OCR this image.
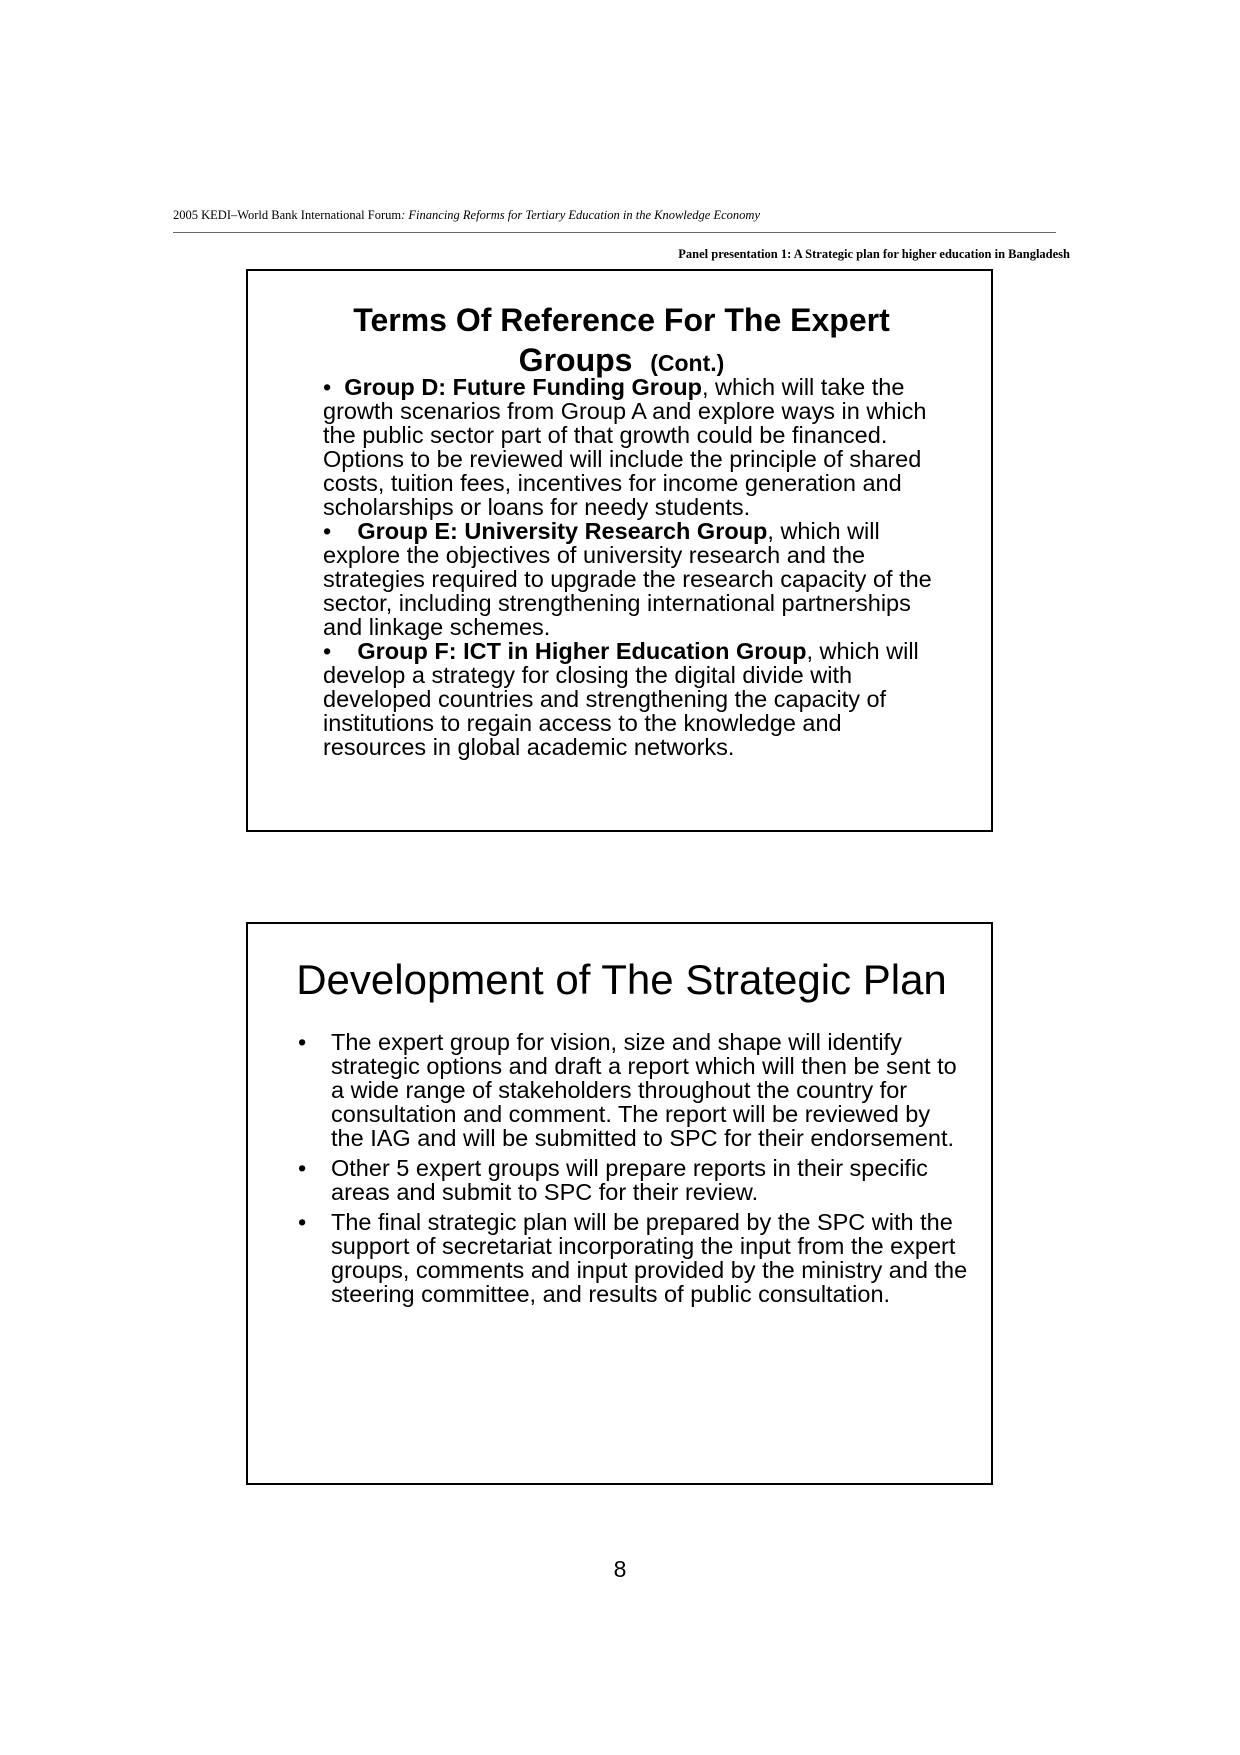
2005 KEDI–World Bank International Forum: Financing Reforms for Tertiary Education in the Knowledge Economy
Panel presentation 1: A Strategic plan for higher education in Bangladesh
Terms Of Reference For The Expert
Groups (Cont.)

• Group D: Future Funding Group, which will take the growth scenarios from Group A and explore ways in which the public sector part of that growth could be financed. Options to be reviewed will include the principle of shared costs, tuition fees, incentives for income generation and scholarships or loans for needy students.

• Group E: University Research Group, which will explore the objectives of university research and the strategies required to upgrade the research capacity of the sector, including strengthening international partnerships and linkage schemes.

• Group F: ICT in Higher Education Group, which will develop a strategy for closing the digital divide with developed countries and strengthening the capacity of institutions to regain access to the knowledge and resources in global academic networks.

Development of The Strategic Plan
• The expert group for vision, size and shape will identify strategic options and draft a report which will then be sent to a wide range of stakeholders throughout the country for consultation and comment. The report will be reviewed by the IAG and will be submitted to SPC for their endorsement.
• Other 5 expert groups will prepare reports in their specific areas and submit to SPC for their review.
• The final strategic plan will be prepared by the SPC with the support of secretariat incorporating the input from the expert groups, comments and input provided by the ministry and the steering committee, and results of public consultation.
8
